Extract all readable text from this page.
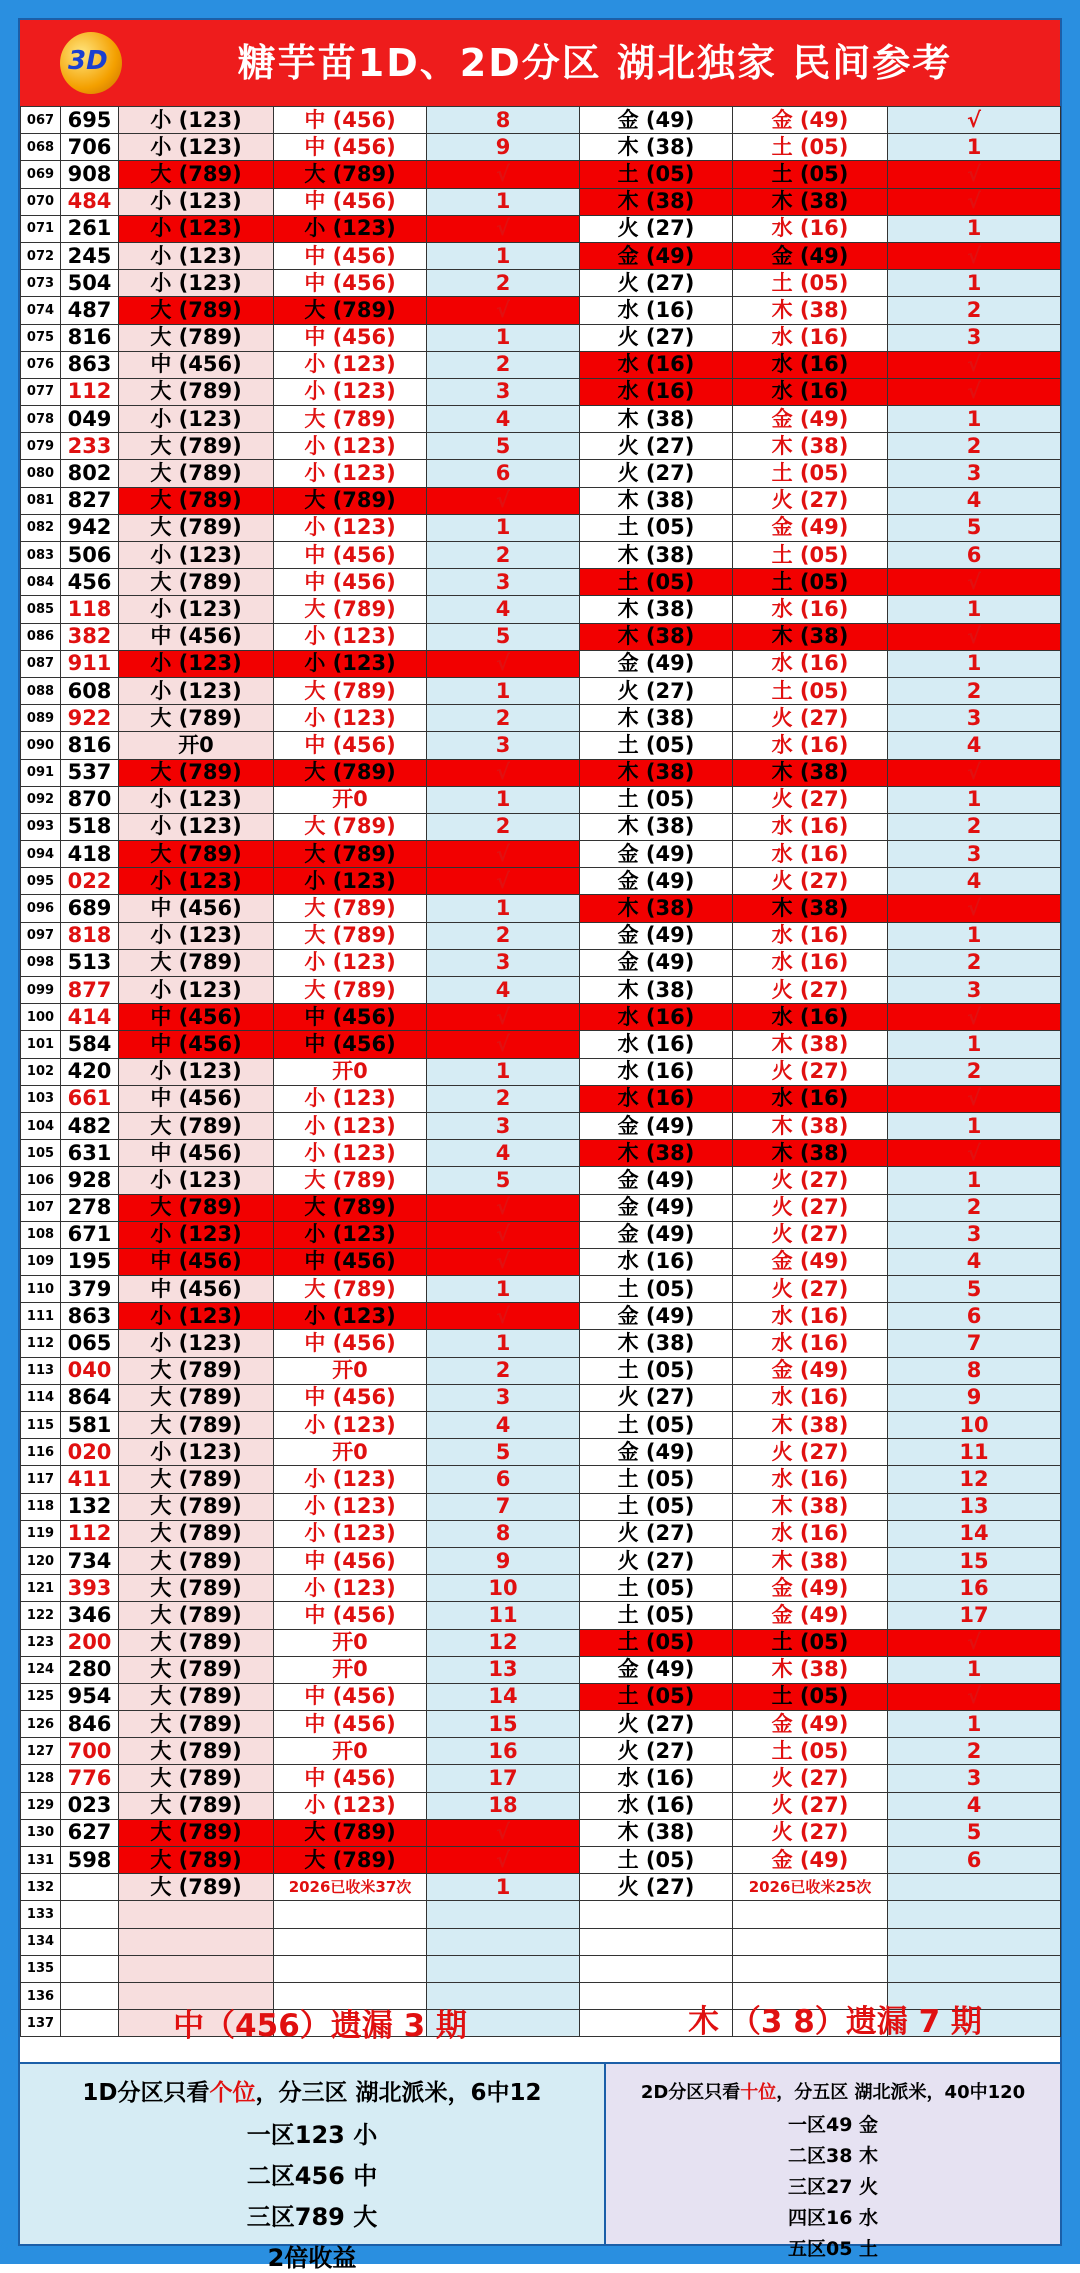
3D	糖芋苗1D、2D分区 湖北独家 民间参考
067	695	小 (123)	中 (456)	8	金 (49)	金 (49)	√
068	706	小 (123)	中 (456)	9	木 (38)	土 (05)	1
069	908	大 (789)	大 (789)	√	土 (05)	土 (05)	√
070	484	小 (123)	中 (456)	1	木 (38)	木 (38)	√
071	261	小 (123)	小 (123)	√	火 (27)	水 (16)	1
072	245	小 (123)	中 (456)	1	金 (49)	金 (49)	√
073	504	小 (123)	中 (456)	2	火 (27)	土 (05)	1
074	487	大 (789)	大 (789)	√	水 (16)	木 (38)	2
075	816	大 (789)	中 (456)	1	火 (27)	水 (16)	3
076	863	中 (456)	小 (123)	2	水 (16)	水 (16)	√
077	112	大 (789)	小 (123)	3	水 (16)	水 (16)	√
078	049	小 (123)	大 (789)	4	木 (38)	金 (49)	1
079	233	大 (789)	小 (123)	5	火 (27)	木 (38)	2
080	802	大 (789)	小 (123)	6	火 (27)	土 (05)	3
081	827	大 (789)	大 (789)	√	木 (38)	火 (27)	4
082	942	大 (789)	小 (123)	1	土 (05)	金 (49)	5
083	506	小 (123)	中 (456)	2	木 (38)	土 (05)	6
084	456	大 (789)	中 (456)	3	土 (05)	土 (05)	√
085	118	小 (123)	大 (789)	4	木 (38)	水 (16)	1
086	382	中 (456)	小 (123)	5	木 (38)	木 (38)	√
087	911	小 (123)	小 (123)	√	金 (49)	水 (16)	1
088	608	小 (123)	大 (789)	1	火 (27)	土 (05)	2
089	922	大 (789)	小 (123)	2	木 (38)	火 (27)	3
090	816	开0	中 (456)	3	土 (05)	水 (16)	4
091	537	大 (789)	大 (789)	√	木 (38)	木 (38)	√
092	870	小 (123)	开0	1	土 (05)	火 (27)	1
093	518	小 (123)	大 (789)	2	木 (38)	水 (16)	2
094	418	大 (789)	大 (789)	√	金 (49)	水 (16)	3
095	022	小 (123)	小 (123)	√	金 (49)	火 (27)	4
096	689	中 (456)	大 (789)	1	木 (38)	木 (38)	√
097	818	小 (123)	大 (789)	2	金 (49)	水 (16)	1
098	513	大 (789)	小 (123)	3	金 (49)	水 (16)	2
099	877	小 (123)	大 (789)	4	木 (38)	火 (27)	3
100	414	中 (456)	中 (456)	√	水 (16)	水 (16)	√
101	584	中 (456)	中 (456)	√	水 (16)	木 (38)	1
102	420	小 (123)	开0	1	水 (16)	火 (27)	2
103	661	中 (456)	小 (123)	2	水 (16)	水 (16)	√
104	482	大 (789)	小 (123)	3	金 (49)	木 (38)	1
105	631	中 (456)	小 (123)	4	木 (38)	木 (38)	√
106	928	小 (123)	大 (789)	5	金 (49)	火 (27)	1
107	278	大 (789)	大 (789)	√	金 (49)	火 (27)	2
108	671	小 (123)	小 (123)	√	金 (49)	火 (27)	3
109	195	中 (456)	中 (456)	√	水 (16)	金 (49)	4
110	379	中 (456)	大 (789)	1	土 (05)	火 (27)	5
111	863	小 (123)	小 (123)	√	金 (49)	水 (16)	6
112	065	小 (123)	中 (456)	1	木 (38)	水 (16)	7
113	040	大 (789)	开0	2	土 (05)	金 (49)	8
114	864	大 (789)	中 (456)	3	火 (27)	水 (16)	9
115	581	大 (789)	小 (123)	4	土 (05)	木 (38)	10
116	020	小 (123)	开0	5	金 (49)	火 (27)	11
117	411	大 (789)	小 (123)	6	土 (05)	水 (16)	12
118	132	大 (789)	小 (123)	7	土 (05)	木 (38)	13
119	112	大 (789)	小 (123)	8	火 (27)	水 (16)	14
120	734	大 (789)	中 (456)	9	火 (27)	木 (38)	15
121	393	大 (789)	小 (123)	10	土 (05)	金 (49)	16
122	346	大 (789)	中 (456)	11	土 (05)	金 (49)	17
123	200	大 (789)	开0	12	土 (05)	土 (05)	√
124	280	大 (789)	开0	13	金 (49)	木 (38)	1
125	954	大 (789)	中 (456)	14	土 (05)	土 (05)	√
126	846	大 (789)	中 (456)	15	火 (27)	金 (49)	1
127	700	大 (789)	开0	16	火 (27)	土 (05)	2
128	776	大 (789)	中 (456)	17	水 (16)	火 (27)	3
129	023	大 (789)	小 (123)	18	水 (16)	火 (27)	4
130	627	大 (789)	大 (789)	√	木 (38)	火 (27)	5
131	598	大 (789)	大 (789)	√	土 (05)	金 (49)	6
132		大 (789)	2026已收米37次	1	火 (27)	2026已收米25次	
133							
134							
135							
136							
137								中（456）遗漏 3 期	木 （3 8）遗漏 7 期
1D分区只看个位，分三区 湖北派米，6中12
一区123 小
二区456 中
三区789 大
2倍收益
2D分区只看十位，分五区 湖北派米，40中120
一区49 金
二区38 木
三区27 火
四区16 水
五区05 土
